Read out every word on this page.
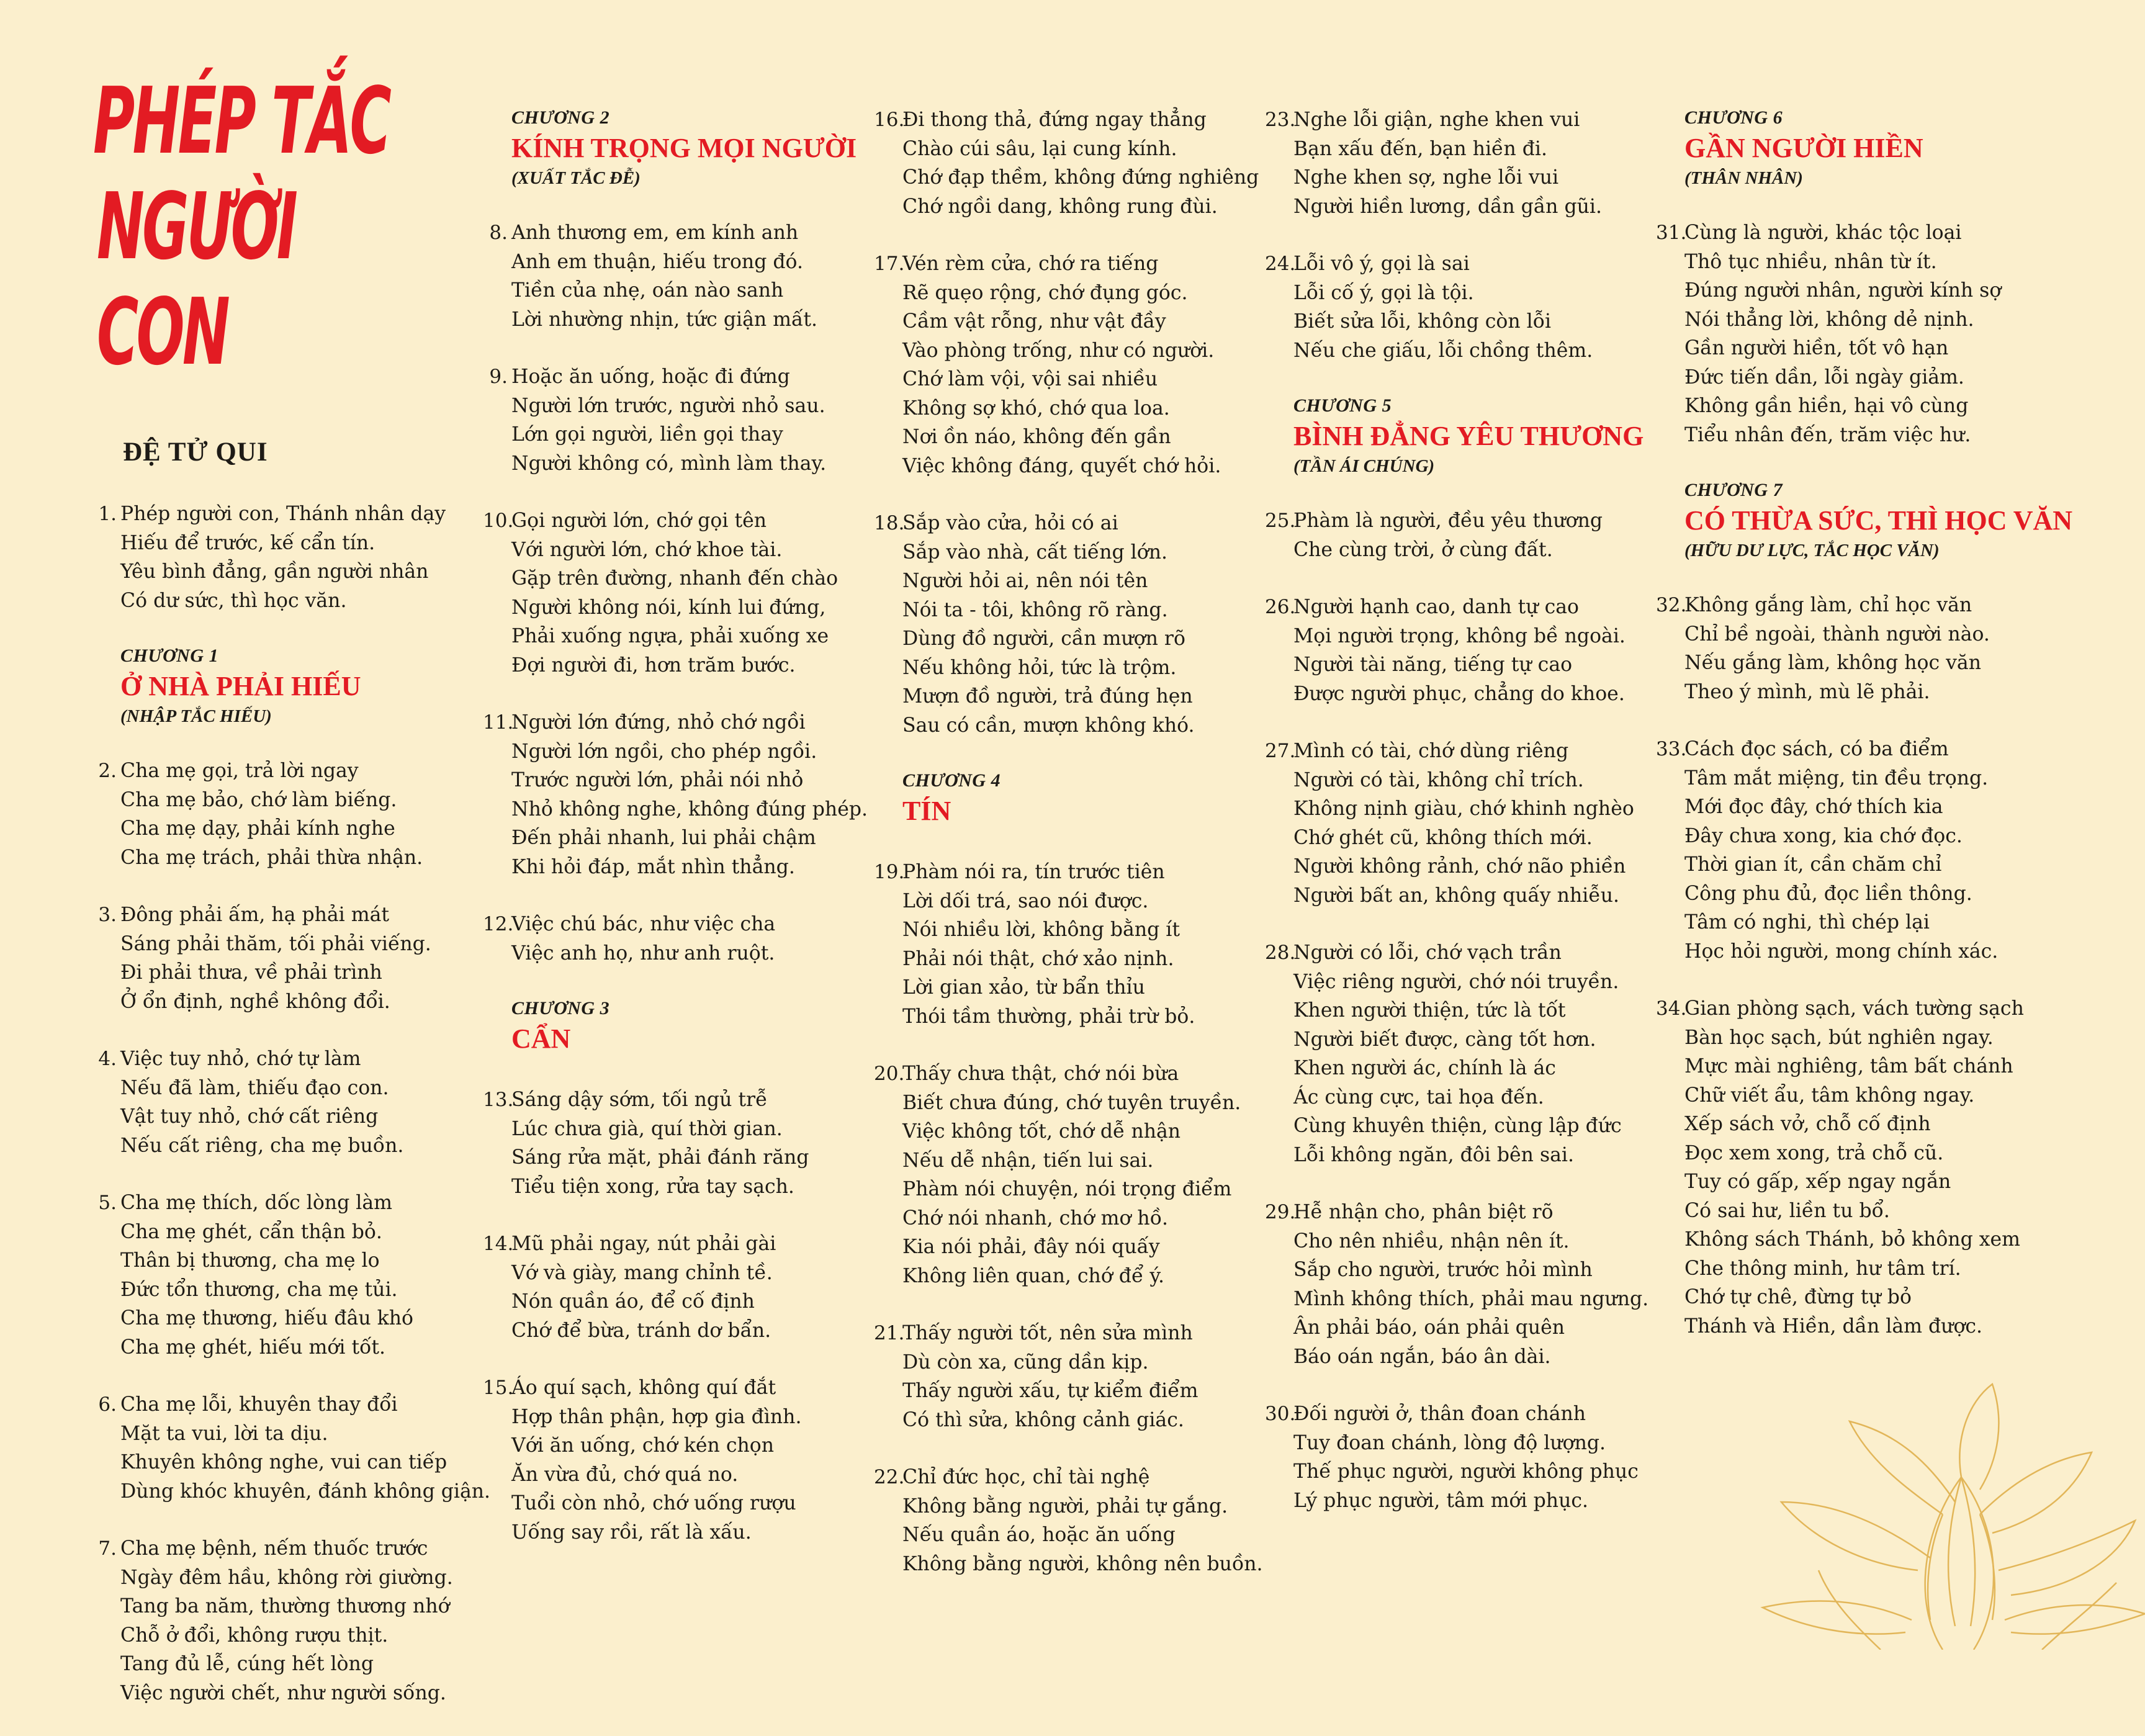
PHÉP TẮC
NGƯỜI CON
ĐỆ TỬ QUI
1. Phép người con, Thánh nhân dạy
Hiếu để trước, kế cẩn tín.
Yêu bình đẳng, gần người nhân
Có dư sức, thì học văn.
CHƯƠNG 1
Ở NHÀ PHẢI HIẾU
(NHẬP TẮC HIẾU)
2. Cha mẹ gọi, trả lời ngay
Cha mẹ bảo, chớ làm biếng.
Cha mẹ dạy, phải kính nghe
Cha mẹ trách, phải thừa nhận.
3. Đông phải ấm, hạ phải mát
Sáng phải thăm, tối phải viếng.
Đi phải thưa, về phải trình
Ở ổn định, nghề không đổi.
4. Việc tuy nhỏ, chớ tự làm
Nếu đã làm, thiếu đạo con.
Vật tuy nhỏ, chớ cất riêng
Nếu cất riêng, cha mẹ buồn.
5. Cha mẹ thích, dốc lòng làm
Cha mẹ ghét, cẩn thận bỏ.
Thân bị thương, cha mẹ lo
Đức tổn thương, cha mẹ tủi.
Cha mẹ thương, hiếu đâu khó
Cha mẹ ghét, hiếu mới tốt.
6. Cha mẹ lỗi, khuyên thay đổi
Mặt ta vui, lời ta dịu.
Khuyên không nghe, vui can tiếp
Dùng khóc khuyên, đánh không giận.
7. Cha mẹ bệnh, nếm thuốc trước
Ngày đêm hầu, không rời giường.
Tang ba năm, thường thương nhớ
Chỗ ở đổi, không rượu thịt.
Tang đủ lễ, cúng hết lòng
Việc người chết, như người sống.
CHƯƠNG 2
KÍNH TRỌNG MỌI NGƯỜI
(XUẤT TẮC ĐỄ)
8. Anh thương em, em kính anh
Anh em thuận, hiếu trong đó.
Tiền của nhẹ, oán nào sanh
Lời nhường nhịn, tức giận mất.
9. Hoặc ăn uống, hoặc đi đứng
Người lớn trước, người nhỏ sau.
Lớn gọi người, liền gọi thay
Người không có, mình làm thay.
10.
Gọi người lớn, chớ gọi tên
Với người lớn, chớ khoe tài.
Gặp trên đường, nhanh đến chào
Người không nói, kính lui đứng,
Phải xuống ngựa, phải xuống xe
Đợi người đi, hơn trăm bước.
11.
Người lớn đứng, nhỏ chớ ngồi
Người lớn ngồi, cho phép ngồi.
Trước người lớn, phải nói nhỏ
Nhỏ không nghe, không đúng phép.
Đến phải nhanh, lui phải chậm
Khi hỏi đáp, mắt nhìn thẳng.
12.
Việc chú bác, như việc cha
Việc anh họ, như anh ruột.
CHƯƠNG 3
CẨN
13.
Sáng dậy sớm, tối ngủ trễ
Lúc chưa già, quí thời gian.
Sáng rửa mặt, phải đánh răng
Tiểu tiện xong, rửa tay sạch.
14.
Mũ phải ngay, nút phải gài
Vớ và giày, mang chỉnh tề.
Nón quần áo, để cố định
Chớ để bừa, tránh dơ bẩn.
15.
Áo quí sạch, không quí đắt
Hợp thân phận, hợp gia đình.
Với ăn uống, chớ kén chọn
Ăn vừa đủ, chớ quá no.
Tuổi còn nhỏ, chớ uống rượu
Uống say rồi, rất là xấu.
16.
Đi thong thả, đứng ngay thẳng
Chào cúi sâu, lại cung kính.
Chớ đạp thềm, không đứng nghiêng
Chớ ngồi dang, không rung đùi.
17.
Vén rèm cửa, chớ ra tiếng
Rẽ quẹo rộng, chớ đụng góc.
Cầm vật rỗng, như vật đầy
Vào phòng trống, như có người.
Chớ làm vội, vội sai nhiều
Không sợ khó, chớ qua loa.
Nơi ồn náo, không đến gần
Việc không đáng, quyết chớ hỏi.
18.
Sắp vào cửa, hỏi có ai
Sắp vào nhà, cất tiếng lớn.
Người hỏi ai, nên nói tên
Nói ta - tôi, không rõ ràng.
Dùng đồ người, cần mượn rõ
Nếu không hỏi, tức là trộm.
Mượn đồ người, trả đúng hẹn
Sau có cần, mượn không khó.
CHƯƠNG 4
TÍN
19.
Phàm nói ra, tín trước tiên
Lời dối trá, sao nói được.
Nói nhiều lời, không bằng ít
Phải nói thật, chớ xảo nịnh.
Lời gian xảo, từ bẩn thỉu
Thói tầm thường, phải trừ bỏ.
20.
Thấy chưa thật, chớ nói bừa
Biết chưa đúng, chớ tuyên truyền.
Việc không tốt, chớ dễ nhận
Nếu dễ nhận, tiến lui sai.
Phàm nói chuyện, nói trọng điểm
Chớ nói nhanh, chớ mơ hồ.
Kia nói phải, đây nói quấy
Không liên quan, chớ để ý.
21.
Thấy người tốt, nên sửa mình
Dù còn xa, cũng dần kịp.
Thấy người xấu, tự kiểm điểm
Có thì sửa, không cảnh giác.
22.
Chỉ đức học, chỉ tài nghệ
Không bằng người, phải tự gắng.
Nếu quần áo, hoặc ăn uống
Không bằng người, không nên buồn.
23.
Nghe lỗi giận, nghe khen vui
Bạn xấu đến, bạn hiền đi.
Nghe khen sợ, nghe lỗi vui
Người hiền lương, dần gần gũi.
24.
Lỗi vô ý, gọi là sai
Lỗi cố ý, gọi là tội.
Biết sửa lỗi, không còn lỗi
Nếu che giấu, lỗi chồng thêm.
CHƯƠNG 5
BÌNH ĐẲNG YÊU THƯƠNG
(TẦN ÁI CHÚNG)
25.
Phàm là người, đều yêu thương
Che cùng trời, ở cùng đất.
26.
Người hạnh cao, danh tự cao
Mọi người trọng, không bề ngoài.
Người tài năng, tiếng tự cao
Được người phục, chẳng do khoe.
27.
Mình có tài, chớ dùng riêng
Người có tài, không chỉ trích.
Không nịnh giàu, chớ khinh nghèo
Chớ ghét cũ, không thích mới.
Người không rảnh, chớ não phiền
Người bất an, không quấy nhiễu.
28.
Người có lỗi, chớ vạch trần
Việc riêng người, chớ nói truyền.
Khen người thiện, tức là tốt
Người biết được, càng tốt hơn.
Khen người ác, chính là ác
Ác cùng cực, tai họa đến.
Cùng khuyên thiện, cùng lập đức
Lỗi không ngăn, đôi bên sai.
29.
Hễ nhận cho, phân biệt rõ
Cho nên nhiều, nhận nên ít.
Sắp cho người, trước hỏi mình
Mình không thích, phải mau ngưng.
Ân phải báo, oán phải quên
Báo oán ngắn, báo ân dài.
30.
Đối người ở, thân đoan chánh
Tuy đoan chánh, lòng độ lượng.
Thế phục người, người không phục
Lý phục người, tâm mới phục.
CHƯƠNG 6
GẦN NGƯỜI HIỀN
(THÂN NHÂN)
31.
Cùng là người, khác tộc loại
Thô tục nhiều, nhân từ ít.
Đúng người nhân, người kính sợ
Nói thẳng lời, không dẻ nịnh.
Gần người hiền, tốt vô hạn
Đức tiến dần, lỗi ngày giảm.
Không gần hiền, hại vô cùng
Tiểu nhân đến, trăm việc hư.
CHƯƠNG 7
CÓ THỪA SỨC, THÌ HỌC VĂN
(HỮU DƯ LỰC, TẮC HỌC VĂN)
32.
Không gắng làm, chỉ học văn
Chỉ bề ngoài, thành người nào.
Nếu gắng làm, không học văn
Theo ý mình, mù lẽ phải.
33.
Cách đọc sách, có ba điểm
Tâm mắt miệng, tin đều trọng.
Mới đọc đây, chớ thích kia
Đây chưa xong, kia chớ đọc.
Thời gian ít, cần chăm chỉ
Công phu đủ, đọc liền thông.
Tâm có nghi, thì chép lại
Học hỏi người, mong chính xác.
34.
Gian phòng sạch, vách tường sạch
Bàn học sạch, bút nghiên ngay.
Mực mài nghiêng, tâm bất chánh
Chữ viết ẩu, tâm không ngay.
Xếp sách vở, chỗ cố định
Đọc xem xong, trả chỗ cũ.
Tuy có gấp, xếp ngay ngắn
Có sai hư, liền tu bổ.
Không sách Thánh, bỏ không xem
Che thông minh, hư tâm trí.
Chớ tự chê, đừng tự bỏ
Thánh và Hiền, dần làm được.
